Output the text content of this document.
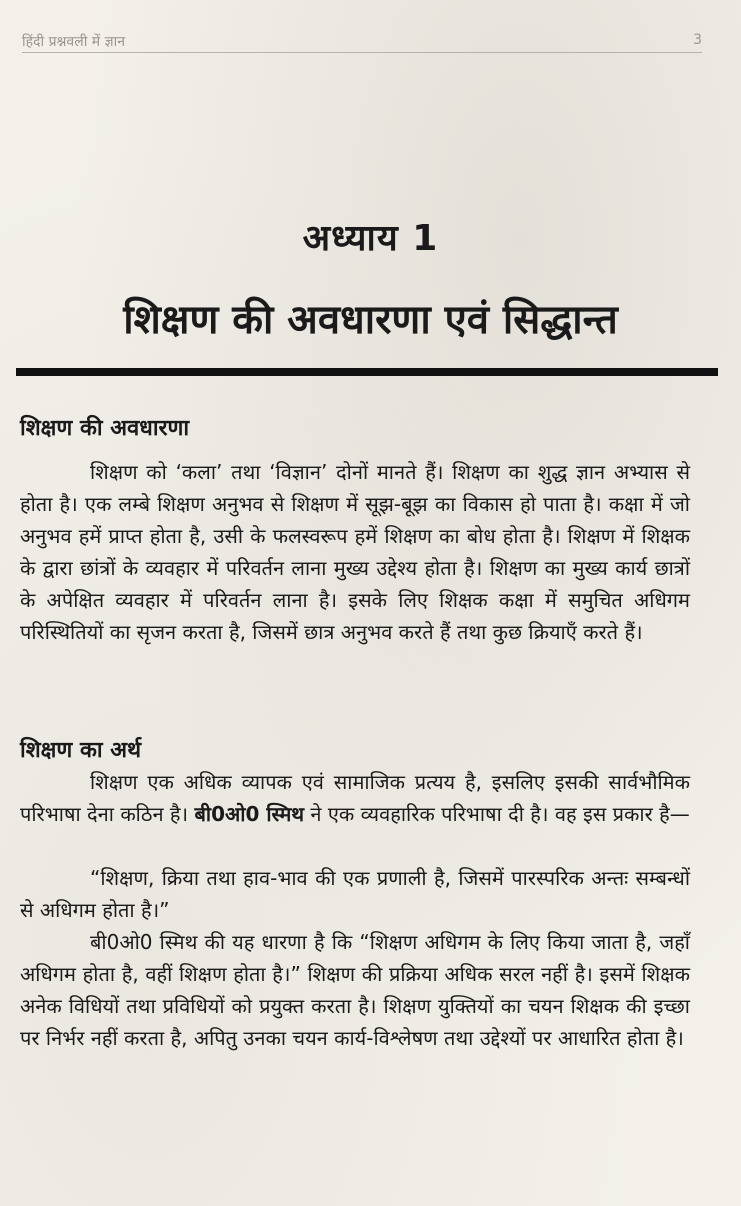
हिंदी प्रश्नवली में ज्ञान	3
अध्याय 1
शिक्षण की अवधारणा एवं सिद्धान्त
शिक्षण की अवधारणा

शिक्षण को ‘कला’ तथा ‘विज्ञान’ दोनों मानते हैं। शिक्षण का शुद्ध ज्ञान अभ्यास से होता है। एक लम्बे शिक्षण अनुभव से शिक्षण में सूझ-बूझ का विकास हो पाता है। कक्षा में जो अनुभव हमें प्राप्त होता है, उसी के फलस्वरूप हमें शिक्षण का बोध होता है। शिक्षण में शिक्षक के द्वारा छांत्रों के व्यवहार में परिवर्तन लाना मुख्य उद्देश्य होता है। शिक्षण का मुख्य कार्य छात्रों के अपेक्षित व्यवहार में परिवर्तन लाना है। इसके लिए शिक्षक कक्षा में समुचित अधिगम परिस्थितियों का सृजन करता है, जिसमें छात्र अनुभव करते हैं तथा कुछ क्रियाएँ करते हैं।

शिक्षण का अर्थ

शिक्षण एक अधिक व्यापक एवं सामाजिक प्रत्यय है, इसलिए इसकी सार्वभौमिक परिभाषा देना कठिन है। बी0ओ0 स्मिथ ने एक व्यवहारिक परिभाषा दी है। वह इस प्रकार है—

“शिक्षण, क्रिया तथा हाव-भाव की एक प्रणाली है, जिसमें पारस्परिक अन्तः सम्बन्धों से अधिगम होता है।”

बी0ओ0 स्मिथ की यह धारणा है कि “शिक्षण अधिगम के लिए किया जाता है, जहाँ अधिगम होता है, वहीं शिक्षण होता है।” शिक्षण की प्रक्रिया अधिक सरल नहीं है। इसमें शिक्षक अनेक विधियों तथा प्रविधियों को प्रयुक्त करता है। शिक्षण युक्तियों का चयन शिक्षक की इच्छा पर निर्भर नहीं करता है, अपितु उनका चयन कार्य-विश्लेषण तथा उद्देश्यों पर आधारित होता है।
